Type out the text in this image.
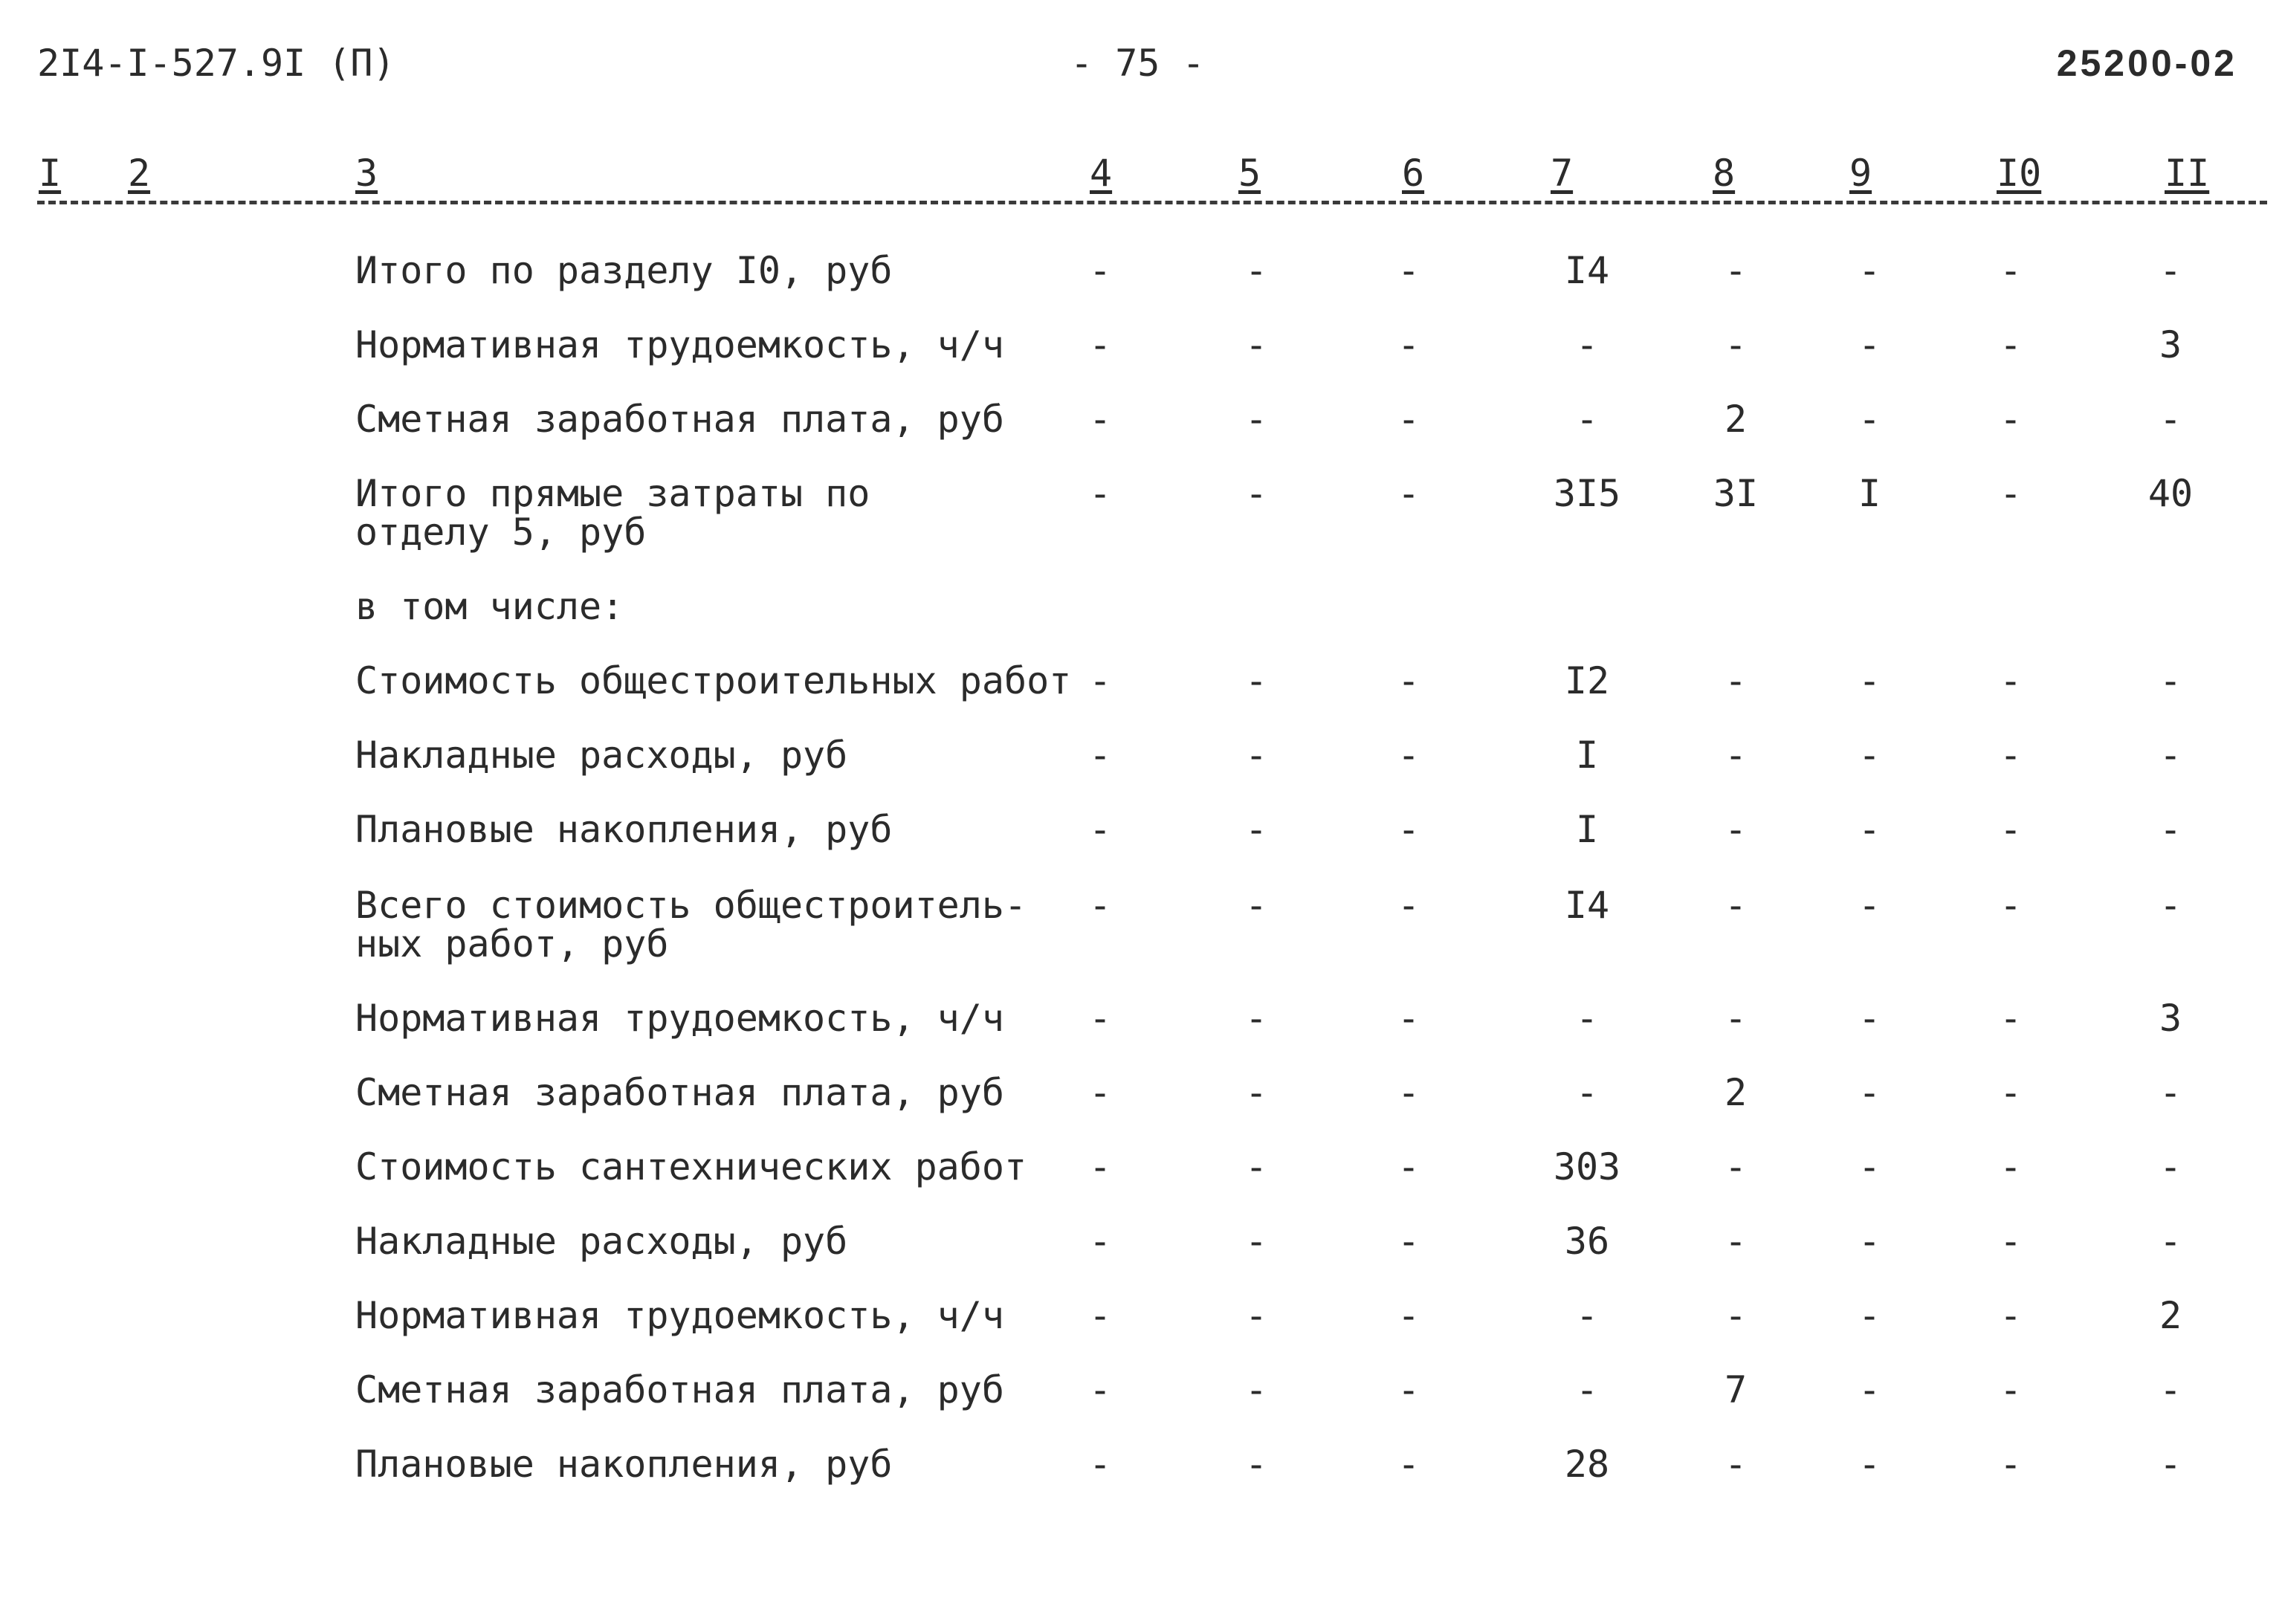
2I4-I-527.9I (П)	- 75 -	25200-02
I 2	3	4	5	6	7	8	9	I0	II
Итого по разделу I0, руб	-	-	-	I4	-	-	-	-
Нормативная трудоемкость, ч/ч	-	-	-	-	-	-	-	3
Сметная заработная плата, руб	-	-	-	-	2	-	-	-
Итого прямые затраты по
отделу 5, руб
-	-	-	3I5	3I	I	-	40
в том числе:
Стоимость общестроительных работ -	-	-	I2	-	-	-	-
Накладные расходы, руб	-	-	-	I	-	-	-	-
Плановые накопления, руб	-	-	-	I	-	-	-	-
Всего стоимость общестроитель-
ных работ, руб
-	-	-	I4	-	-	-	-
Нормативная трудоемкость, ч/ч	-	-	-	-	-	-	-	3
Сметная заработная плата, руб	-	-	-	-	2	-	-	-
Стоимость сантехнических работ	-	-	-	303	-	-	-	-
Накладные расходы, руб	-	-	-	36	-	-	-	-
Нормативная трудоемкость, ч/ч	-	-	-	-	-	-	-	2
Сметная заработная плата, руб	-	-	-	-	7	-	-	-
Плановые накопления, руб	-	-	-	28	-	-	-	-
